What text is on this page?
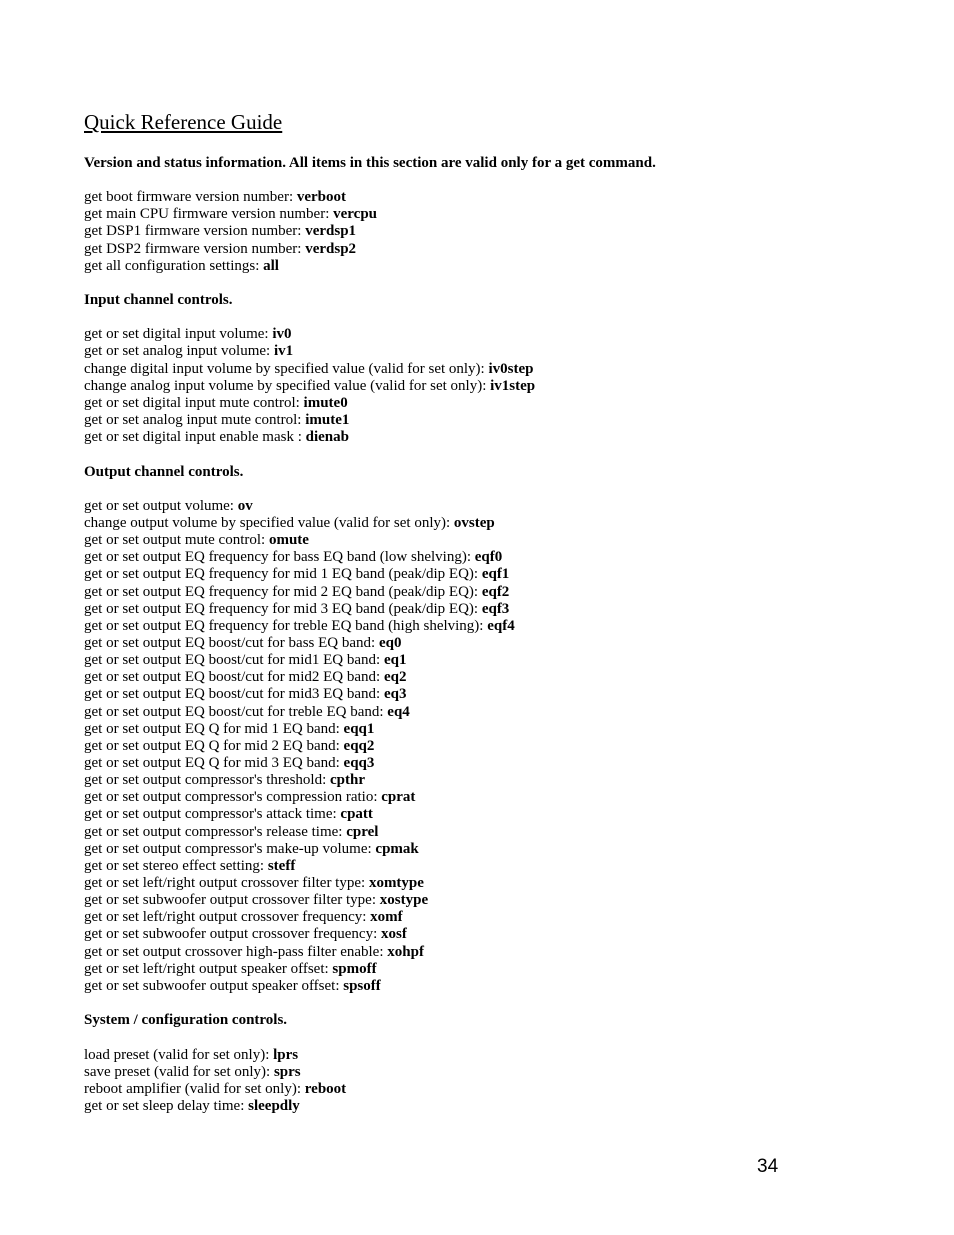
Quick Reference Guide
Version and status information. All items in this section are valid only for a get command.
get boot firmware version number: verboot
get main CPU firmware version number: vercpu
get DSP1 firmware version number: verdsp1
get DSP2 firmware version number: verdsp2
get all configuration settings: all
Input channel controls.
get or set digital input volume: iv0
get or set analog input volume: iv1
change digital input volume by specified value (valid for set only): iv0step
change analog input volume by specified value (valid for set only): iv1step
get or set digital input mute control: imute0
get or set analog input mute control: imute1
get or set digital input enable mask : dienab
Output channel controls.
get or set output volume: ov
change output volume by specified value (valid for set only): ovstep
get or set output mute control: omute
get or set output EQ frequency for bass EQ band (low shelving): eqf0
get or set output EQ frequency for mid 1 EQ band (peak/dip EQ): eqf1
get or set output EQ frequency for mid 2 EQ band (peak/dip EQ): eqf2
get or set output EQ frequency for mid 3 EQ band (peak/dip EQ): eqf3
get or set output EQ frequency for treble EQ band (high shelving): eqf4
get or set output EQ boost/cut for bass EQ band: eq0
get or set output EQ boost/cut for mid1 EQ band: eq1
get or set output EQ boost/cut for mid2 EQ band: eq2
get or set output EQ boost/cut for mid3 EQ band: eq3
get or set output EQ boost/cut for treble EQ band: eq4
get or set output EQ Q for mid 1 EQ band: eqq1
get or set output EQ Q for mid 2 EQ band: eqq2
get or set output EQ Q for mid 3 EQ band: eqq3
get or set output compressor's threshold: cpthr
get or set output compressor's compression ratio: cprat
get or set output compressor's attack time: cpatt
get or set output compressor's release time: cprel
get or set output compressor's make-up volume: cpmak
get or set stereo effect setting: steff
get or set left/right output crossover filter type: xomtype
get or set subwoofer output crossover filter type: xostype
get or set left/right output crossover frequency: xomf
get or set subwoofer output crossover frequency: xosf
get or set output crossover high-pass filter enable: xohpf
get or set left/right output speaker offset: spmoff
get or set subwoofer output speaker offset: spsoff
System / configuration controls.
load preset (valid for set only): lprs
save preset (valid for set only): sprs
reboot amplifier (valid for set only): reboot
get or set sleep delay time: sleepdly
34
